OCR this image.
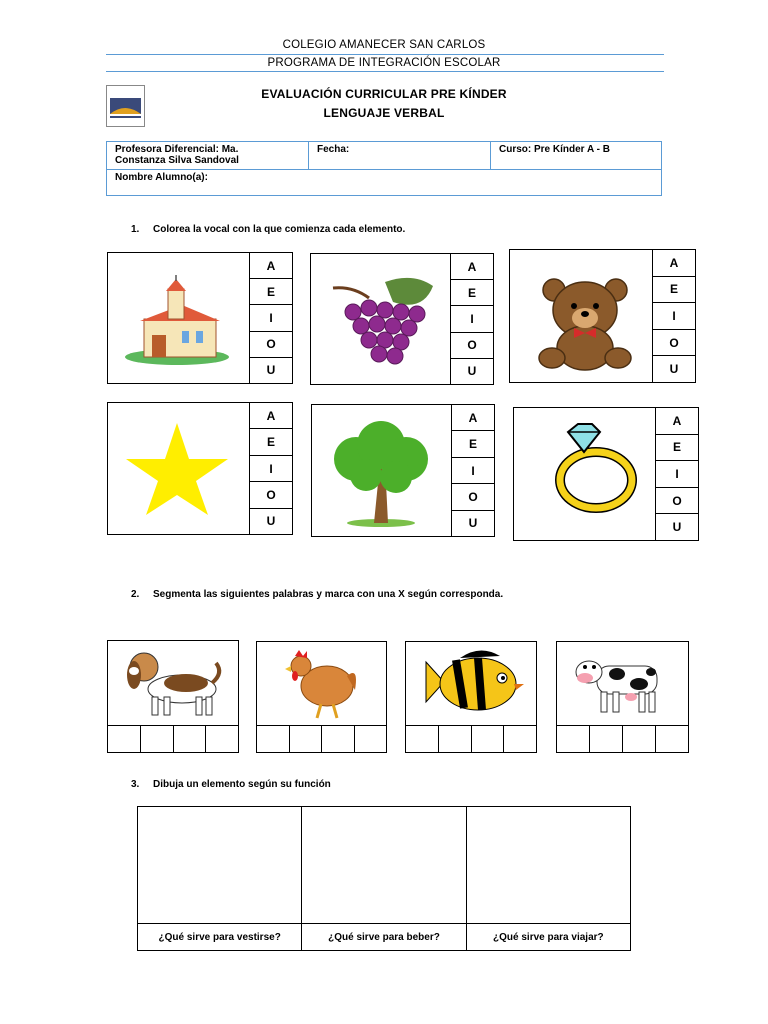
COLEGIO AMANECER SAN CARLOS
PROGRAMA DE INTEGRACIÓN ESCOLAR
EVALUACIÓN CURRICULAR PRE KÍNDER
LENGUAJE VERBAL
Profesora Diferencial: Ma.
Constanza Silva Sandoval
	Fecha:	Curso: Pre Kínder A - B
Nombre Alumno(a):
1. Colorea la vocal con la que comienza cada elemento.
A
E
I
O
U
A
E
I
O
U
A
E
I
O
U
A
E
I
O
U
A
E
I
O
U
A
E
I
O
U
2. Segmenta las siguientes palabras y marca con una X según corresponda.
3. Dibuja un elemento según su función

¿Qué sirve para vestirse?	¿Qué sirve para beber?	¿Qué sirve para viajar?
